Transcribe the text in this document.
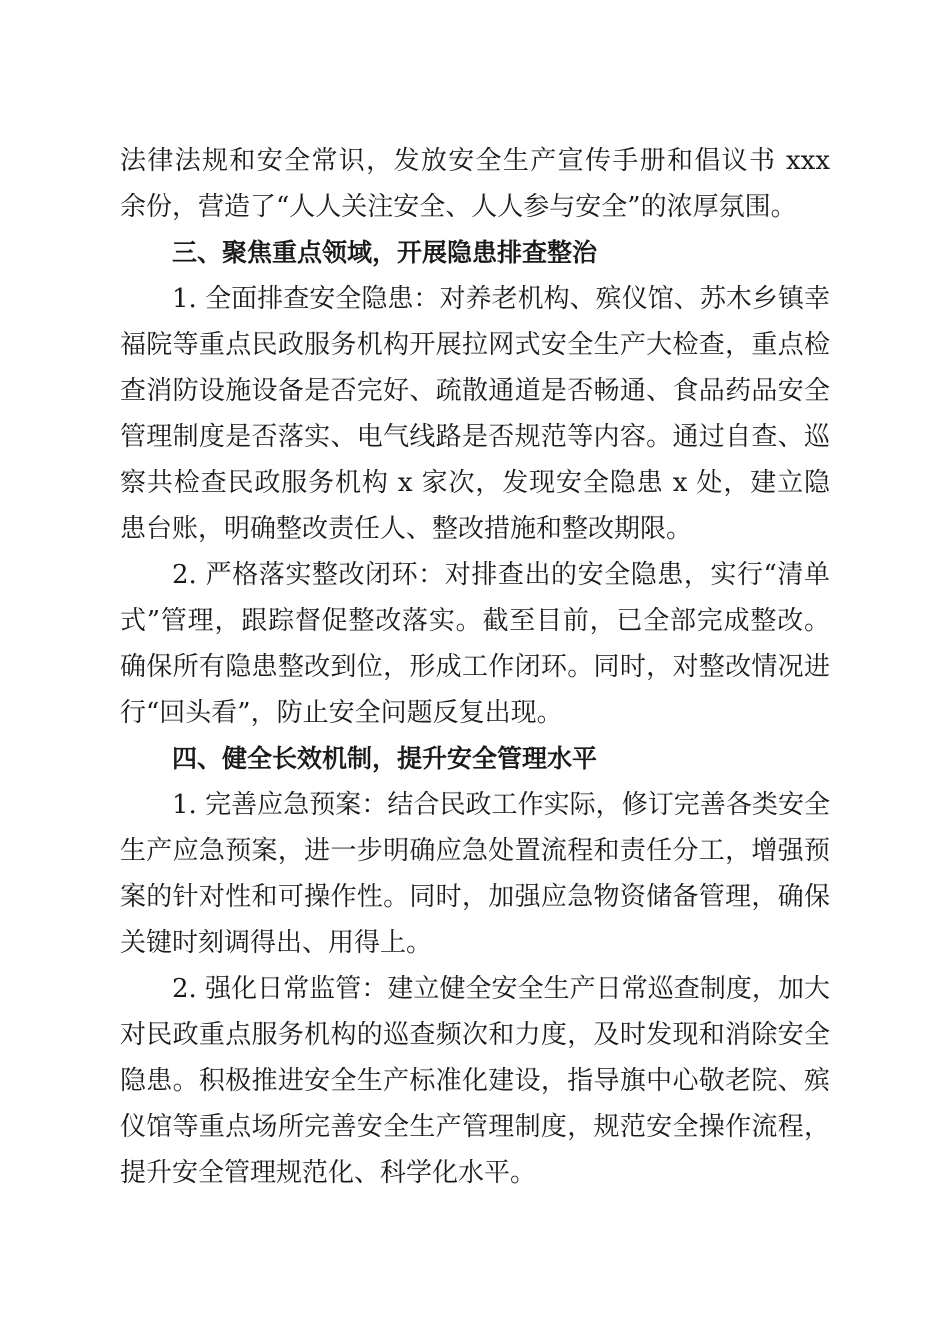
法律法规和安全常识，发放安全生产宣传手册和倡议书 xxx 余份，营造了“人人关注安全、人人参与安全”的浓厚氛围。

三、聚焦重点领域，开展隐患排查整治

1. 全面排查安全隐患：对养老机构、殡仪馆、苏木乡镇幸福院等重点民政服务机构开展拉网式安全生产大检查，重点检查消防设施设备是否完好、疏散通道是否畅通、食品药品安全管理制度是否落实、电气线路是否规范等内容。通过自查、巡察共检查民政服务机构 x 家次，发现安全隐患 x 处，建立隐患台账，明确整改责任人、整改措施和整改期限。

2. 严格落实整改闭环：对排查出的安全隐患，实行“清单式”管理，跟踪督促整改落实。截至目前，已全部完成整改。确保所有隐患整改到位，形成工作闭环。同时，对整改情况进行“回头看”，防止安全问题反复出现。

四、健全长效机制，提升安全管理水平

1. 完善应急预案：结合民政工作实际，修订完善各类安全生产应急预案，进一步明确应急处置流程和责任分工，增强预案的针对性和可操作性。同时，加强应急物资储备管理，确保关键时刻调得出、用得上。

2. 强化日常监管：建立健全安全生产日常巡查制度，加大对民政重点服务机构的巡查频次和力度，及时发现和消除安全隐患。积极推进安全生产标准化建设，指导旗中心敬老院、殡仪馆等重点场所完善安全生产管理制度，规范安全操作流程，提升安全管理规范化、科学化水平。
